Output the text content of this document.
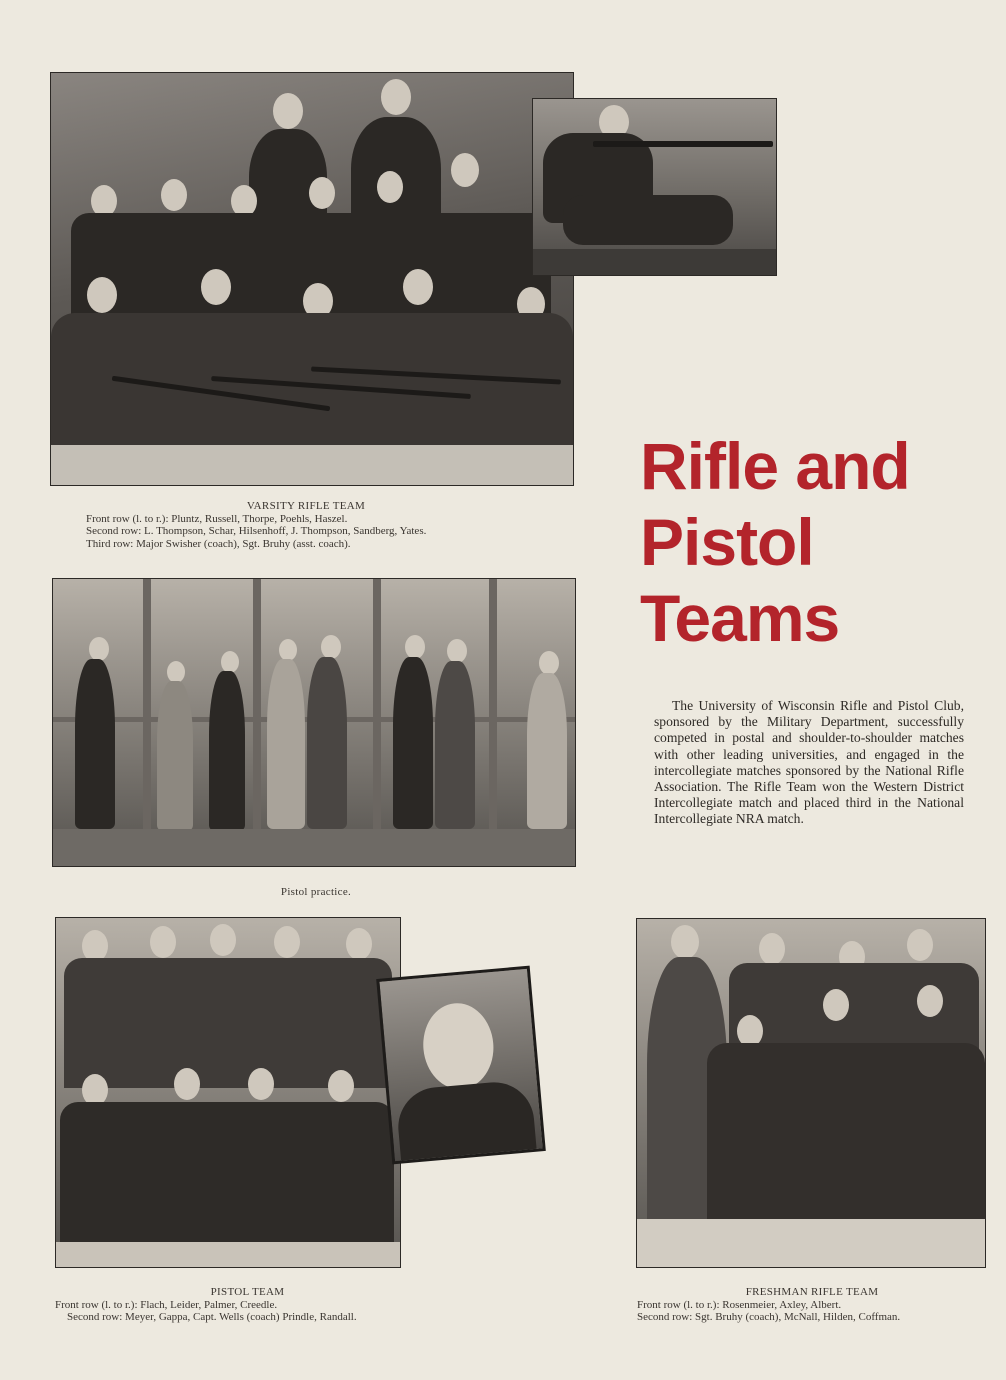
VARSITY RIFLE TEAM
Front row (l. to r.): Pluntz, Russell, Thorpe, Poehls, Haszel.
Second row: L. Thompson, Schar, Hilsenhoff, J. Thompson, Sandberg, Yates.
Third row: Major Swisher (coach), Sgt. Bruhy (asst. coach).
Rifle and
Pistol Teams
The University of Wisconsin Rifle and Pistol Club, sponsored by the Military Department, successfully competed in postal and shoulder-to-shoulder matches with other leading universities, and engaged in the intercollegiate matches sponsored by the National Rifle Association. The Rifle Team won the Western District Intercollegiate match and placed third in the National Intercollegiate NRA match.
Pistol practice.
PISTOL TEAM
Front row (l. to r.): Flach, Leider, Palmer, Creedle.
Second row: Meyer, Gappa, Capt. Wells (coach) Prindle, Randall.
FRESHMAN RIFLE TEAM
Front row (l. to r.): Rosenmeier, Axley, Albert.
Second row: Sgt. Bruhy (coach), McNall, Hilden, Coffman.
